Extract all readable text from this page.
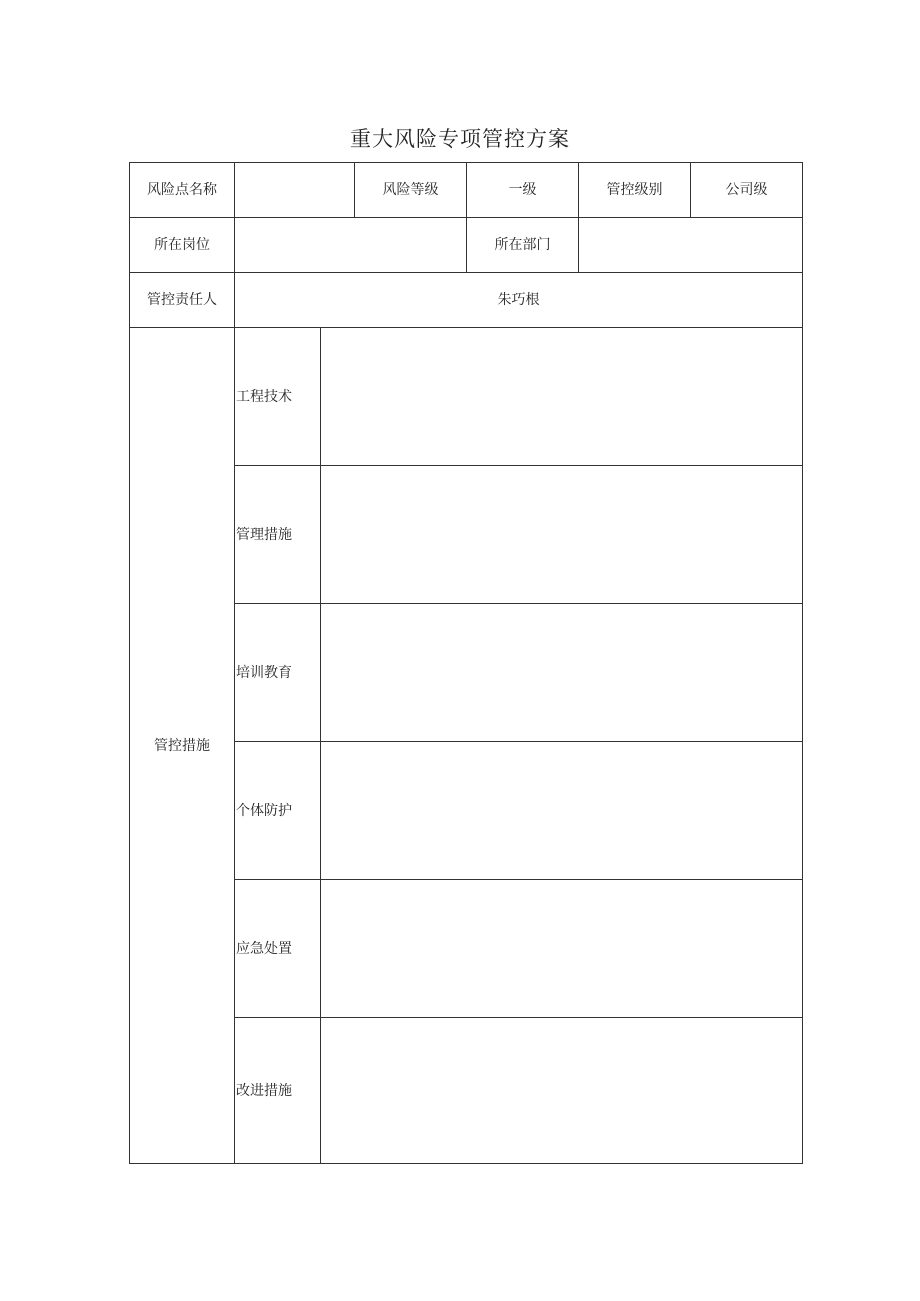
重大风险专项管控方案
风险点名称			风险等级	一级	管控级别	公司级
所在岗位				所在部门		
管控责任人	朱巧根					
管控措施	工程技术					
	管理措施					
	培训教育					
	个体防护					
	应急处置					
	改进措施					
